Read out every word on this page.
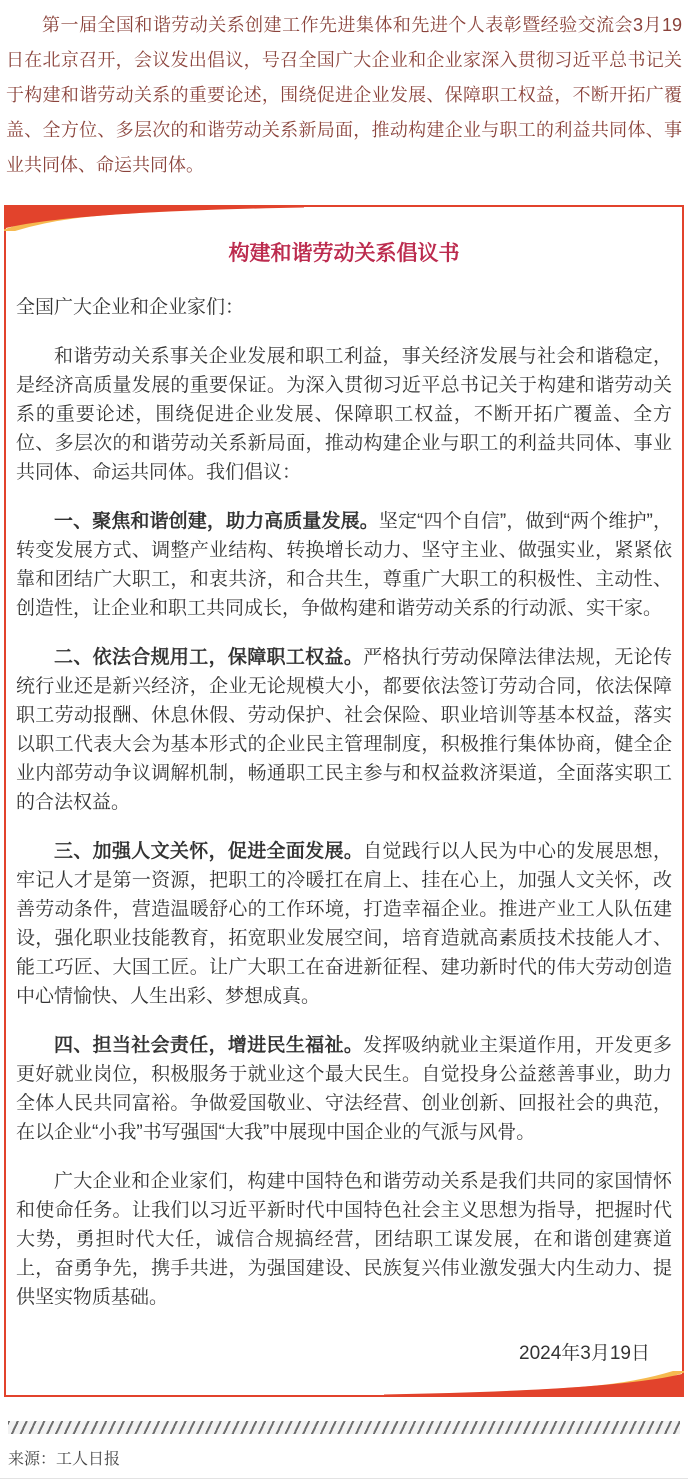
第一届全国和谐劳动关系创建工作先进集体和先进个人表彰暨经验交流会3月19日在北京召开，会议发出倡议，号召全国广大企业和企业家深入贯彻习近平总书记关于构建和谐劳动关系的重要论述，围绕促进企业发展、保障职工权益，不断开拓广覆盖、全方位、多层次的和谐劳动关系新局面，推动构建企业与职工的利益共同体、事业共同体、命运共同体。

构建和谐劳动关系倡议书

全国广大企业和企业家们：

和谐劳动关系事关企业发展和职工利益，事关经济发展与社会和谐稳定，是经济高质量发展的重要保证。为深入贯彻习近平总书记关于构建和谐劳动关系的重要论述，围绕促进企业发展、保障职工权益，不断开拓广覆盖、全方位、多层次的和谐劳动关系新局面，推动构建企业与职工的利益共同体、事业共同体、命运共同体。我们倡议：

一、聚焦和谐创建，助力高质量发展。坚定“四个自信”，做到“两个维护”，转变发展方式、调整产业结构、转换增长动力、坚守主业、做强实业，紧紧依靠和团结广大职工，和衷共济，和合共生，尊重广大职工的积极性、主动性、创造性，让企业和职工共同成长，争做构建和谐劳动关系的行动派、实干家。

二、依法合规用工，保障职工权益。严格执行劳动保障法律法规，无论传统行业还是新兴经济，企业无论规模大小，都要依法签订劳动合同，依法保障职工劳动报酬、休息休假、劳动保护、社会保险、职业培训等基本权益，落实以职工代表大会为基本形式的企业民主管理制度，积极推行集体协商，健全企业内部劳动争议调解机制，畅通职工民主参与和权益救济渠道，全面落实职工的合法权益。

三、加强人文关怀，促进全面发展。自觉践行以人民为中心的发展思想，牢记人才是第一资源，把职工的冷暖扛在肩上、挂在心上，加强人文关怀，改善劳动条件，营造温暖舒心的工作环境，打造幸福企业。推进产业工人队伍建设，强化职业技能教育，拓宽职业发展空间，培育造就高素质技术技能人才、能工巧匠、大国工匠。让广大职工在奋进新征程、建功新时代的伟大劳动创造中心情愉快、人生出彩、梦想成真。

四、担当社会责任，增进民生福祉。发挥吸纳就业主渠道作用，开发更多更好就业岗位，积极服务于就业这个最大民生。自觉投身公益慈善事业，助力全体人民共同富裕。争做爱国敬业、守法经营、创业创新、回报社会的典范，在以企业“小我”书写强国“大我”中展现中国企业的气派与风骨。

广大企业和企业家们，构建中国特色和谐劳动关系是我们共同的家国情怀和使命任务。让我们以习近平新时代中国特色社会主义思想为指导，把握时代大势，勇担时代大任，诚信合规搞经营，团结职工谋发展，在和谐创建赛道上，奋勇争先，携手共进，为强国建设、民族复兴伟业激发强大内生动力、提供坚实物质基础。

2024年3月19日

来源：工人日报
